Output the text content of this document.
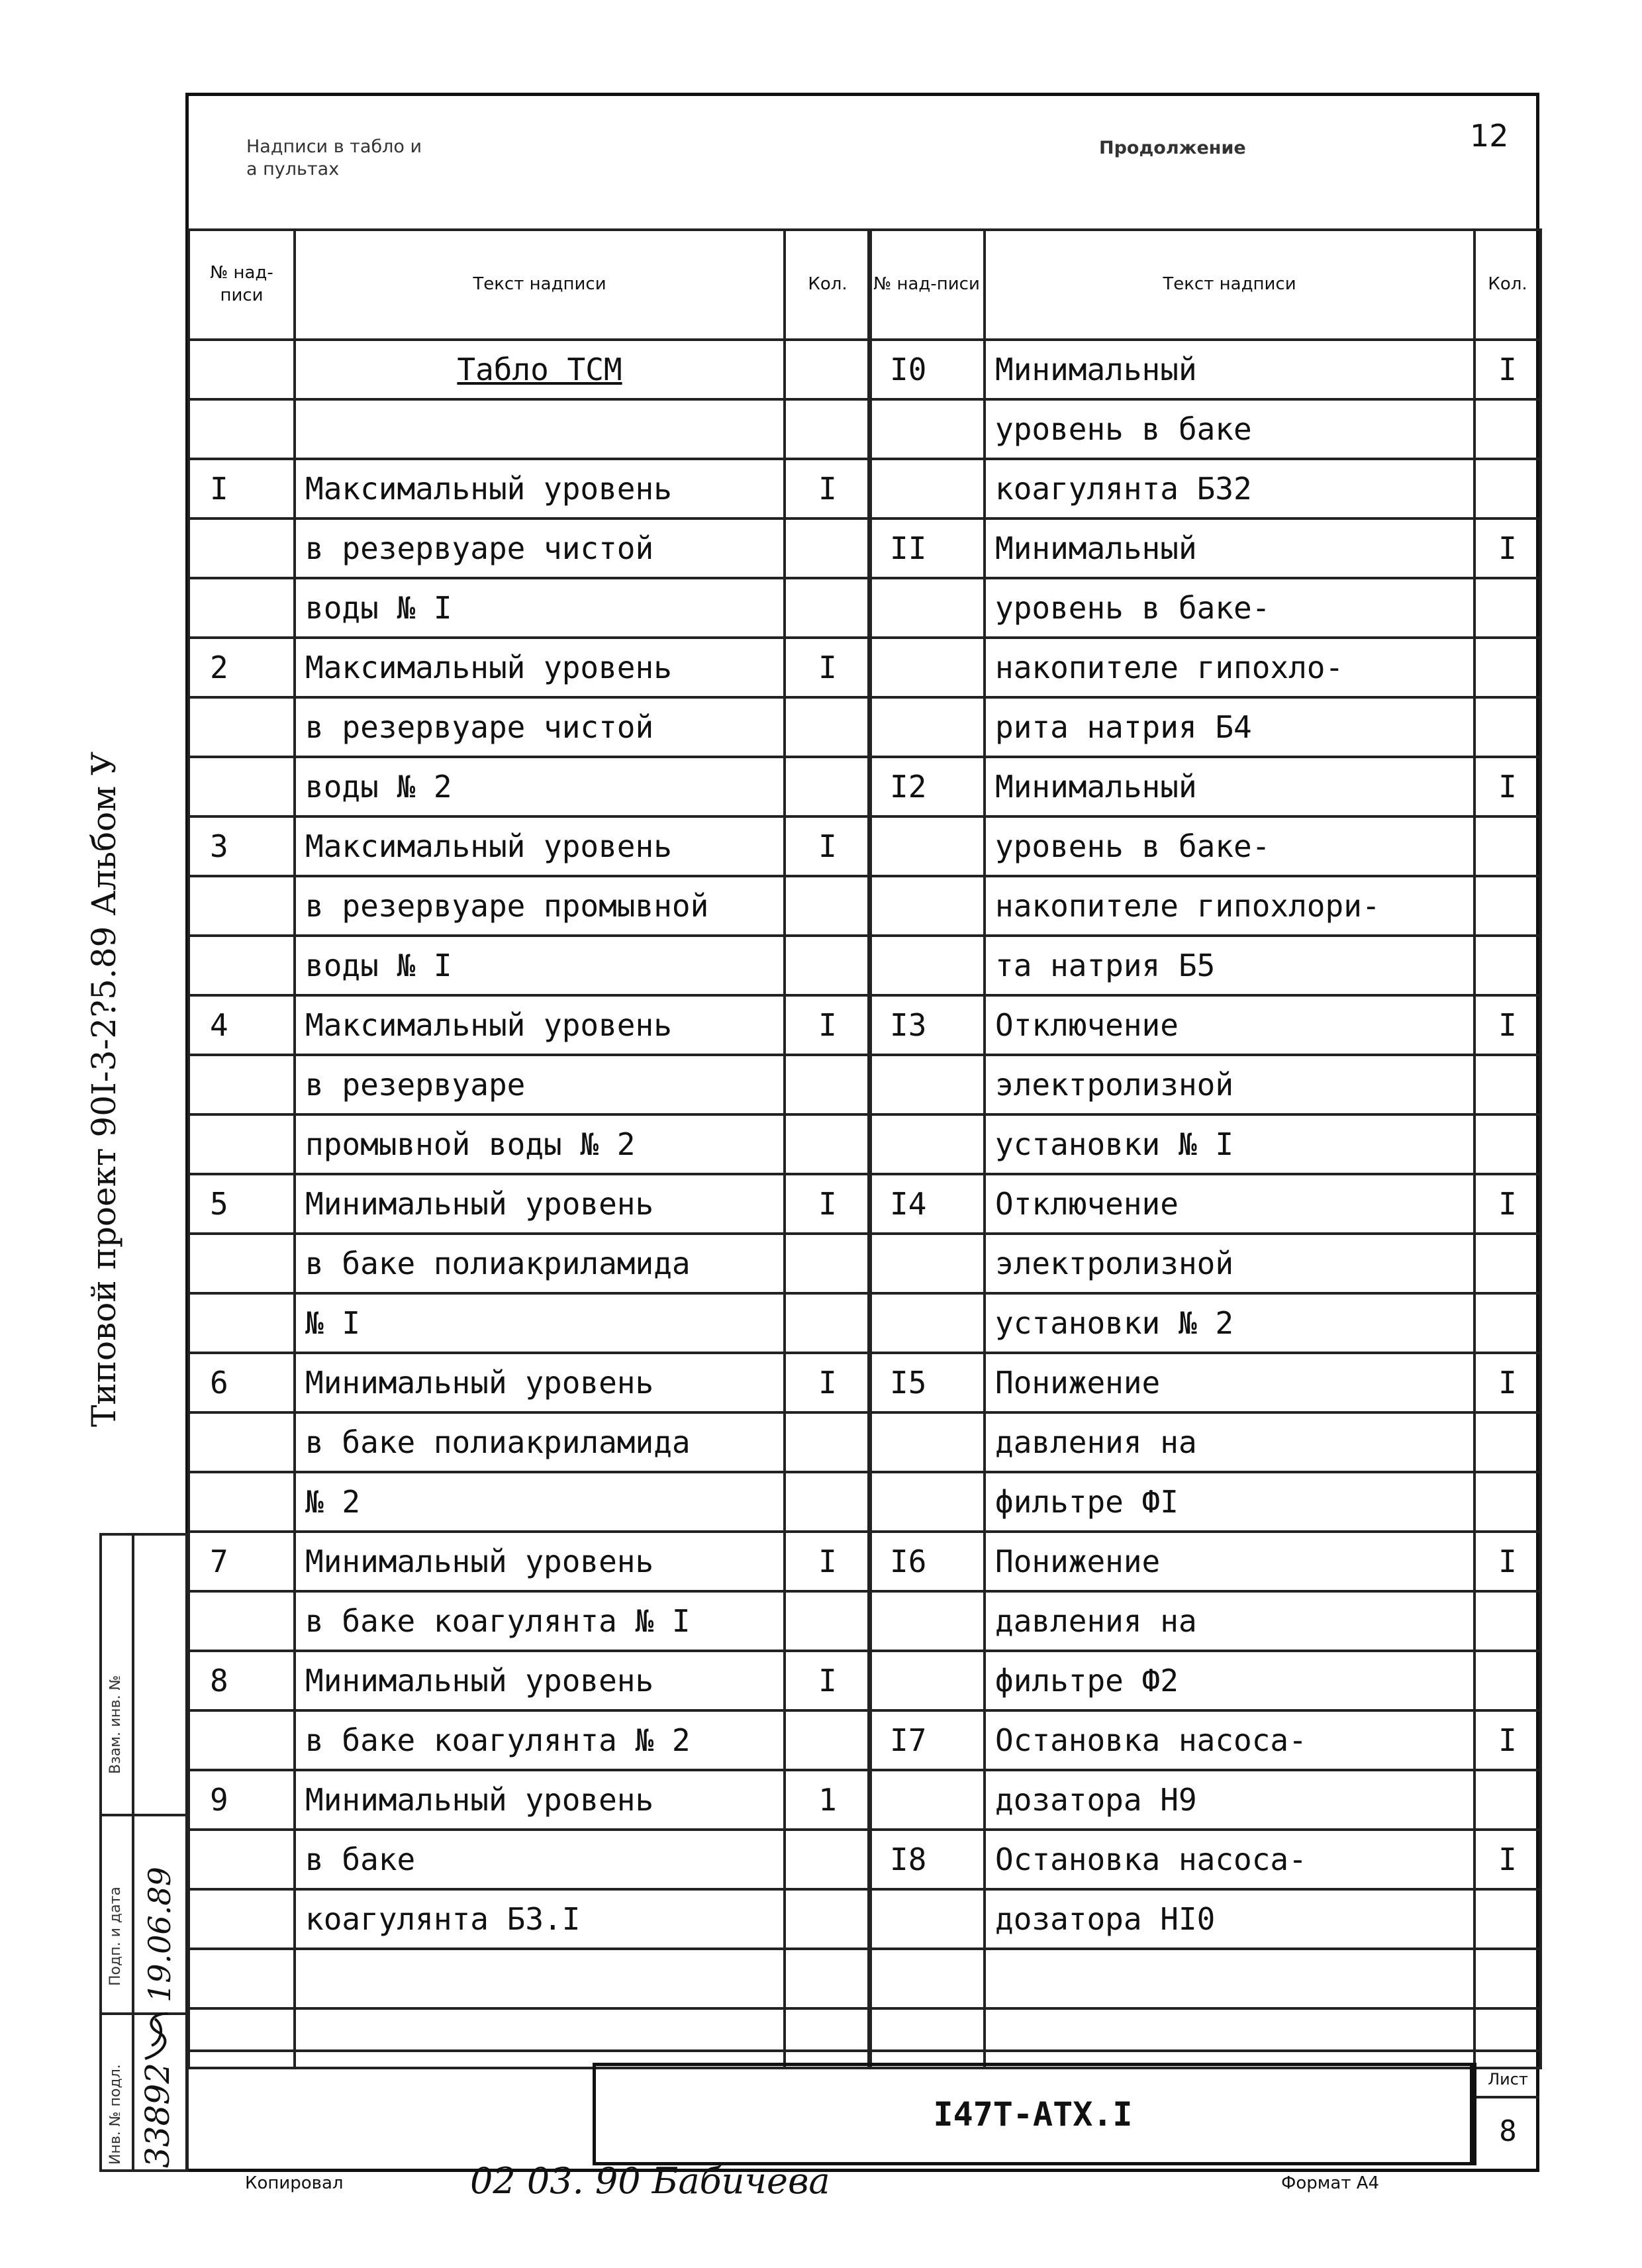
Надписи в табло и
а пультах
Продолжение	12
№ над-писи	Текст надписи	Кол.
	Табло ТСМ	

I	Максимальный уровень	I
	в резервуаре чистой	
	воды № I	
2	Максимальный уровень	I
	в резервуаре чистой	
	воды № 2	
3	Максимальный уровень	I
	в резервуаре промывной	
	воды № I	
4	Максимальный уровень	I
	в резервуаре	
	промывной воды № 2	
5	Минимальный уровень	I
	в баке полиакриламида	
	№ I	
6	Минимальный уровень	I
	в баке полиакриламида	
	№ 2	
7	Минимальный уровень	I
	в баке коагулянта № I	
8	Минимальный уровень	I
	в баке коагулянта № 2	
9	Минимальный уровень	1
	в баке	
	коагулянта Б3.I	

№ над-писи	Текст надписи	Кол.
I0	Минимальный	I
	уровень в баке	
	коагулянта Б32	
II	Минимальный	I
	уровень в баке-	
	накопителе гипохло-	
	рита натрия Б4	
I2	Минимальный	I
	уровень в баке-	
	накопителе гипохлори-	
	та натрия Б5	
I3	Отключение	I
	электролизной	
	установки № I	
I4	Отключение	I
	электролизной	
	установки № 2	
I5	Понижение	I
	давления на	
	фильтре ФI	
I6	Понижение	I
	давления на	
	фильтре Ф2	
I7	Остановка насоса-	I
	дозатора Н9	
I8	Остановка насоса-	I
	дозатора НI0	

Типовой проект 90I-3-2?5.89 Альбом У
Взам. инв. №
Подп. и дата
Инв. № подл.
19.06.89
33892	I47Т-АТХ.I
Лист
8
Копировал	02 03. 90 Бабичева	Формат А4
